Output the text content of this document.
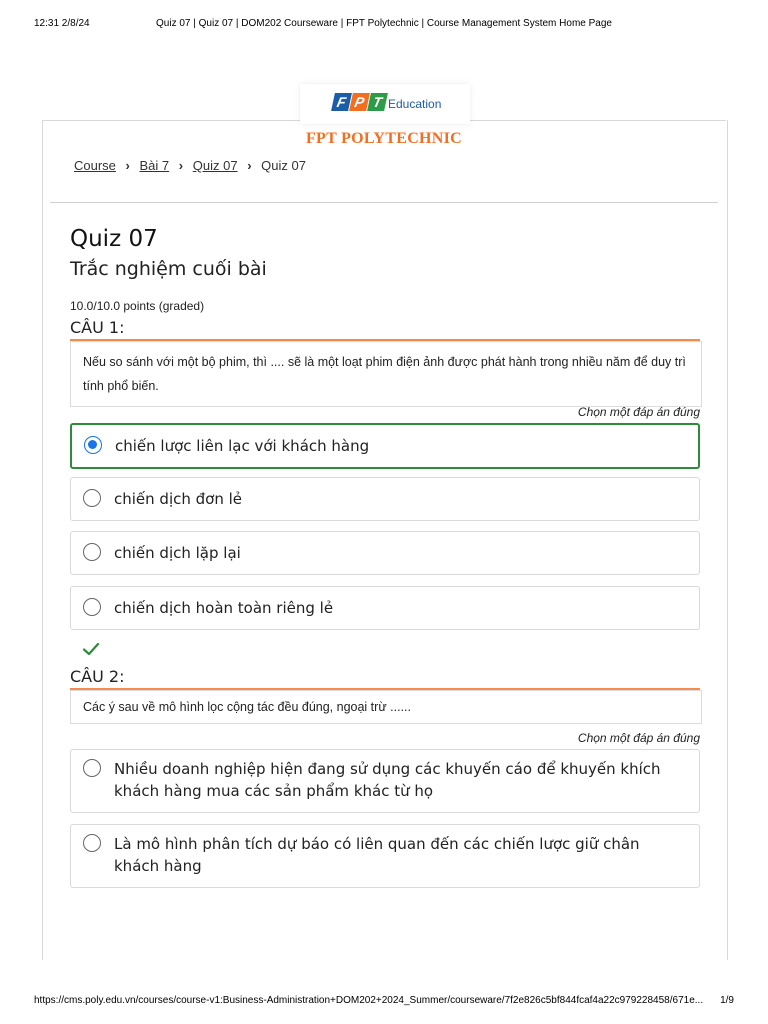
12:31 2/8/24	Quiz 07 | Quiz 07 | DOM202 Courseware | FPT Polytechnic | Course Management System Home Page
F P T Education
FPT POLYTECHNIC
Course › Bài 7 › Quiz 07 › Quiz 07
Quiz 07
Trắc nghiệm cuối bài
10.0/10.0 points (graded)
CÂU 1:
Nếu so sánh với một bộ phim, thì .... sẽ là một loạt phim điện ảnh được phát hành trong nhiều năm để duy trì tính phổ biến.
Chọn một đáp án đúng
chiến lược liên lạc với khách hàng
chiến dịch đơn lẻ
chiến dịch lặp lại
chiến dịch hoàn toàn riêng lẻ
CÂU 2:
Các ý sau về mô hình lọc cộng tác đều đúng, ngoại trừ ......
Chọn một đáp án đúng
Nhiều doanh nghiệp hiện đang sử dụng các khuyến cáo để khuyến khích khách hàng mua các sản phẩm khác từ họ
Là mô hình phân tích dự báo có liên quan đến các chiến lược giữ chân khách hàng
https://cms.poly.edu.vn/courses/course-v1:Business-Administration+DOM202+2024_Summer/courseware/7f2e826c5bf844fcaf4a22c979228458/671e...	1/9
